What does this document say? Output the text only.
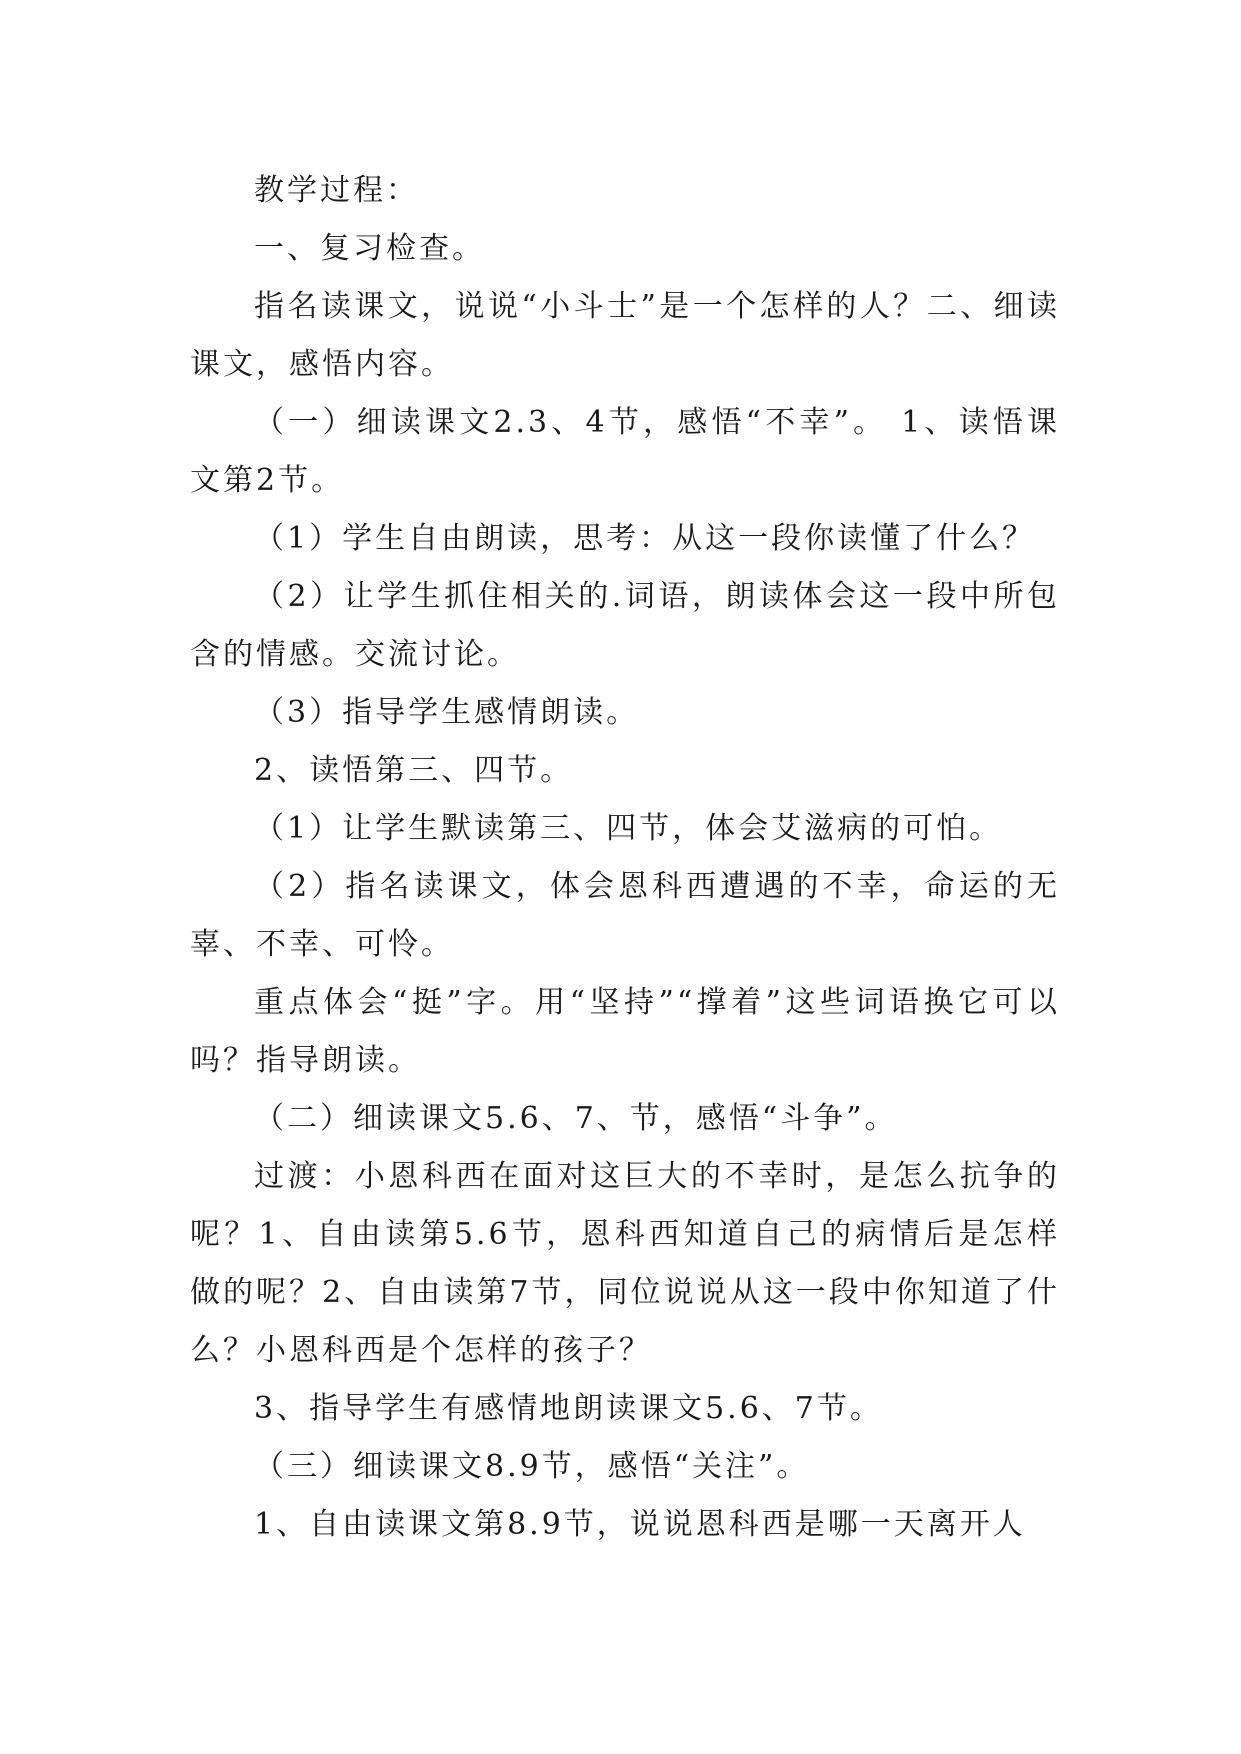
教学过程：

一、复习检查。

指名读课文，说说“小斗士”是一个怎样的人？二、细读课文，感悟内容。

（一）细读课文2.3、4节，感悟“不幸”。 1、读悟课文第2节。

（1）学生自由朗读，思考：从这一段你读懂了什么？

（2）让学生抓住相关的.词语，朗读体会这一段中所包含的情感。交流讨论。

（3）指导学生感情朗读。

2、读悟第三、四节。

（1）让学生默读第三、四节，体会艾滋病的可怕。

（2）指名读课文，体会恩科西遭遇的不幸，命运的无辜、不幸、可怜。

重点体会“挺”字。用“坚持”“撑着”这些词语换它可以吗？指导朗读。

（二）细读课文5.6、7、节，感悟“斗争”。

过渡：小恩科西在面对这巨大的不幸时，是怎么抗争的呢？1、自由读第5.6节，恩科西知道自己的病情后是怎样做的呢？2、自由读第7节，同位说说从这一段中你知道了什么？小恩科西是个怎样的孩子？

3、指导学生有感情地朗读课文5.6、7节。

（三）细读课文8.9节，感悟“关注”。

1、自由读课文第8.9节，说说恩科西是哪一天离开人
